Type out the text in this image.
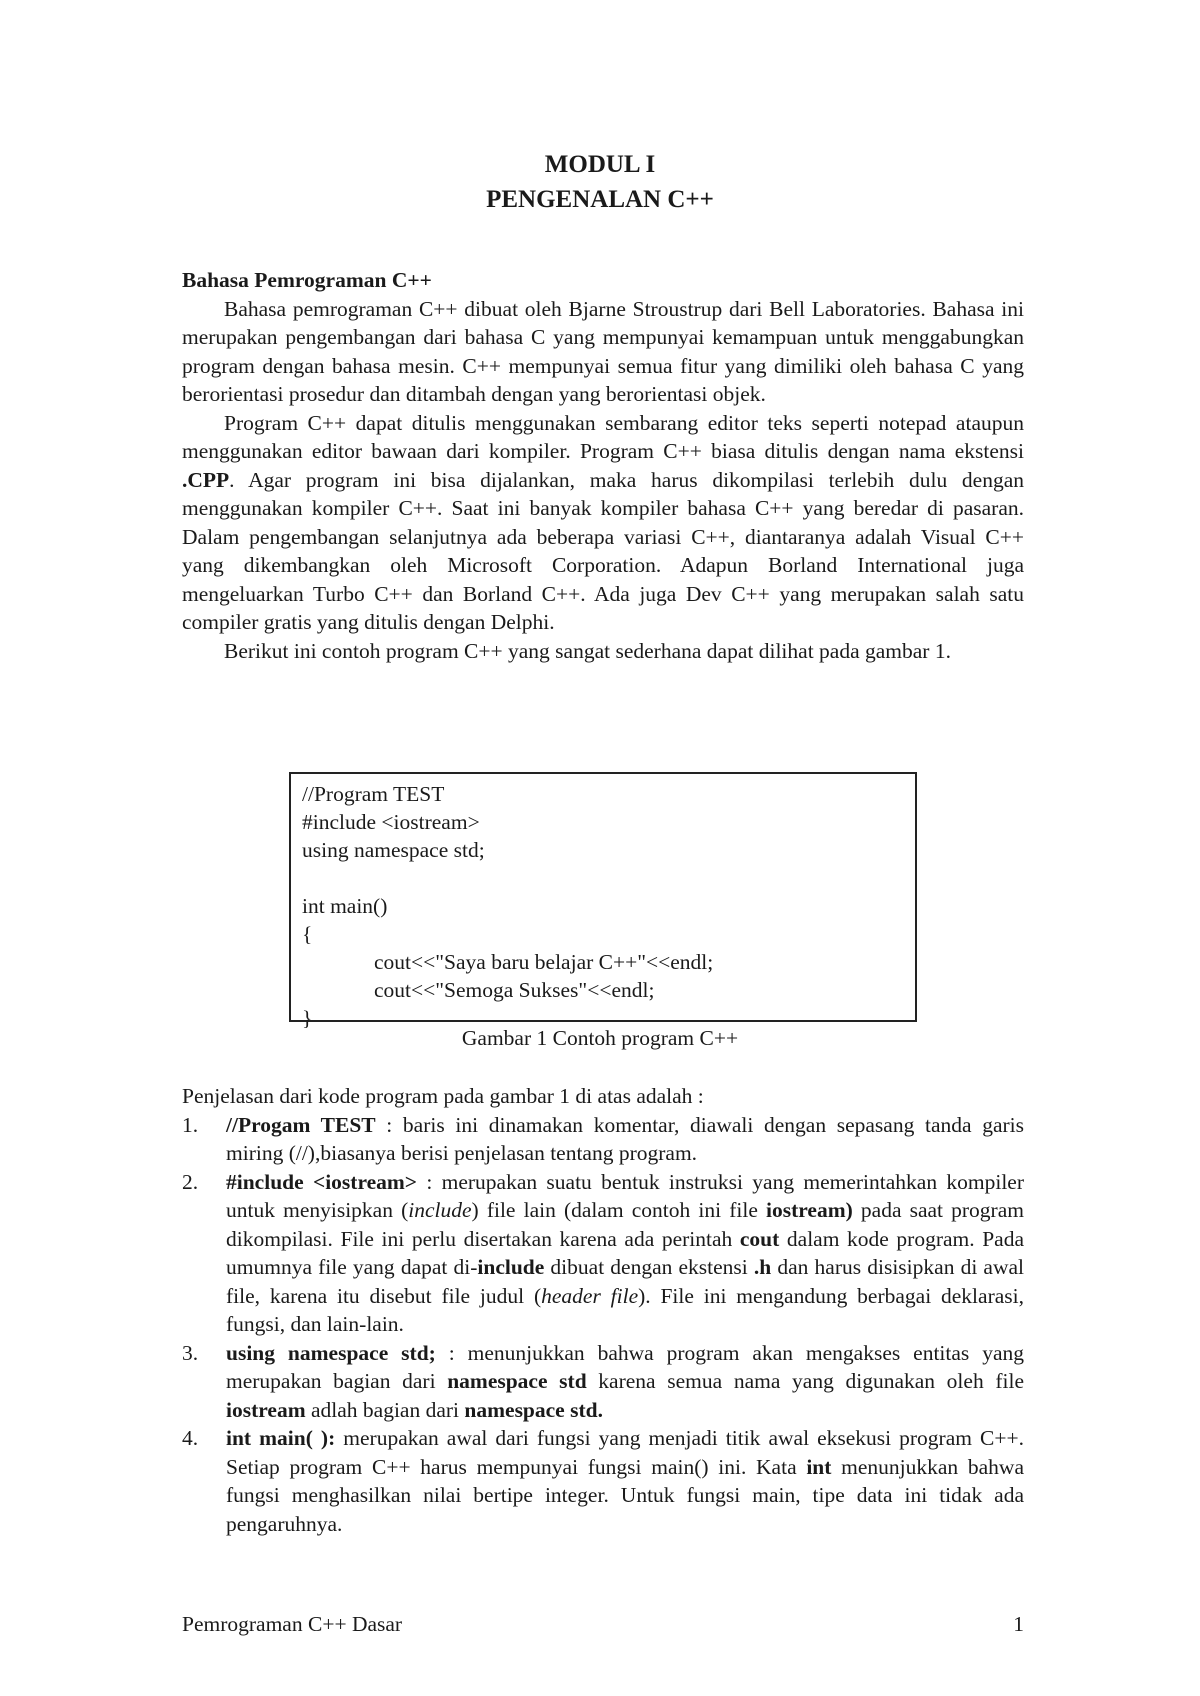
MODUL I
PENGENALAN C++
Bahasa Pemrograman C++

Bahasa pemrograman C++ dibuat oleh Bjarne Stroustrup dari Bell Laboratories. Bahasa ini merupakan pengembangan dari bahasa C yang mempunyai kemampuan untuk menggabungkan program dengan bahasa mesin. C++ mempunyai semua fitur yang dimiliki oleh bahasa C yang berorientasi prosedur dan ditambah dengan yang berorientasi objek.

Program C++ dapat ditulis menggunakan sembarang editor teks seperti notepad ataupun menggunakan editor bawaan dari kompiler. Program C++ biasa ditulis dengan nama ekstensi .CPP. Agar program ini bisa dijalankan, maka harus dikompilasi terlebih dulu dengan menggunakan kompiler C++. Saat ini banyak kompiler bahasa C++ yang beredar di pasaran. Dalam pengembangan selanjutnya ada beberapa variasi C++, diantaranya adalah Visual C++ yang dikembangkan oleh Microsoft Corporation. Adapun Borland International juga mengeluarkan Turbo C++ dan Borland C++. Ada juga Dev C++ yang merupakan salah satu compiler gratis yang ditulis dengan Delphi.

Berikut ini contoh program C++ yang sangat sederhana dapat dilihat pada gambar 1.

//Program TEST
#include <iostream>
using namespace std;
int main()
{
cout<<"Saya baru belajar C++"<<endl;
cout<<"Semoga Sukses"<<endl;
}
Gambar 1 Contoh program C++

Penjelasan dari kode program pada gambar 1 di atas adalah :

1. //Progam TEST : baris ini dinamakan komentar, diawali dengan sepasang tanda garis miring (//),biasanya berisi penjelasan tentang program.
2. #include <iostream> : merupakan suatu bentuk instruksi yang memerintahkan kompiler untuk menyisipkan (include) file lain (dalam contoh ini file iostream) pada saat program dikompilasi. File ini perlu disertakan karena ada perintah cout dalam kode program. Pada umumnya file yang dapat di-include dibuat dengan ekstensi .h dan harus disisipkan di awal file, karena itu disebut file judul (header file). File ini mengandung berbagai deklarasi, fungsi, dan lain-lain.
3. using namespace std; : menunjukkan bahwa program akan mengakses entitas yang merupakan bagian dari namespace std karena semua nama yang digunakan oleh file iostream adlah bagian dari namespace std.
4. int main( ): merupakan awal dari fungsi yang menjadi titik awal eksekusi program C++. Setiap program C++ harus mempunyai fungsi main() ini. Kata int menunjukkan bahwa fungsi menghasilkan nilai bertipe integer. Untuk fungsi main, tipe data ini tidak ada pengaruhnya.
Pemrograman C++ Dasar	1
